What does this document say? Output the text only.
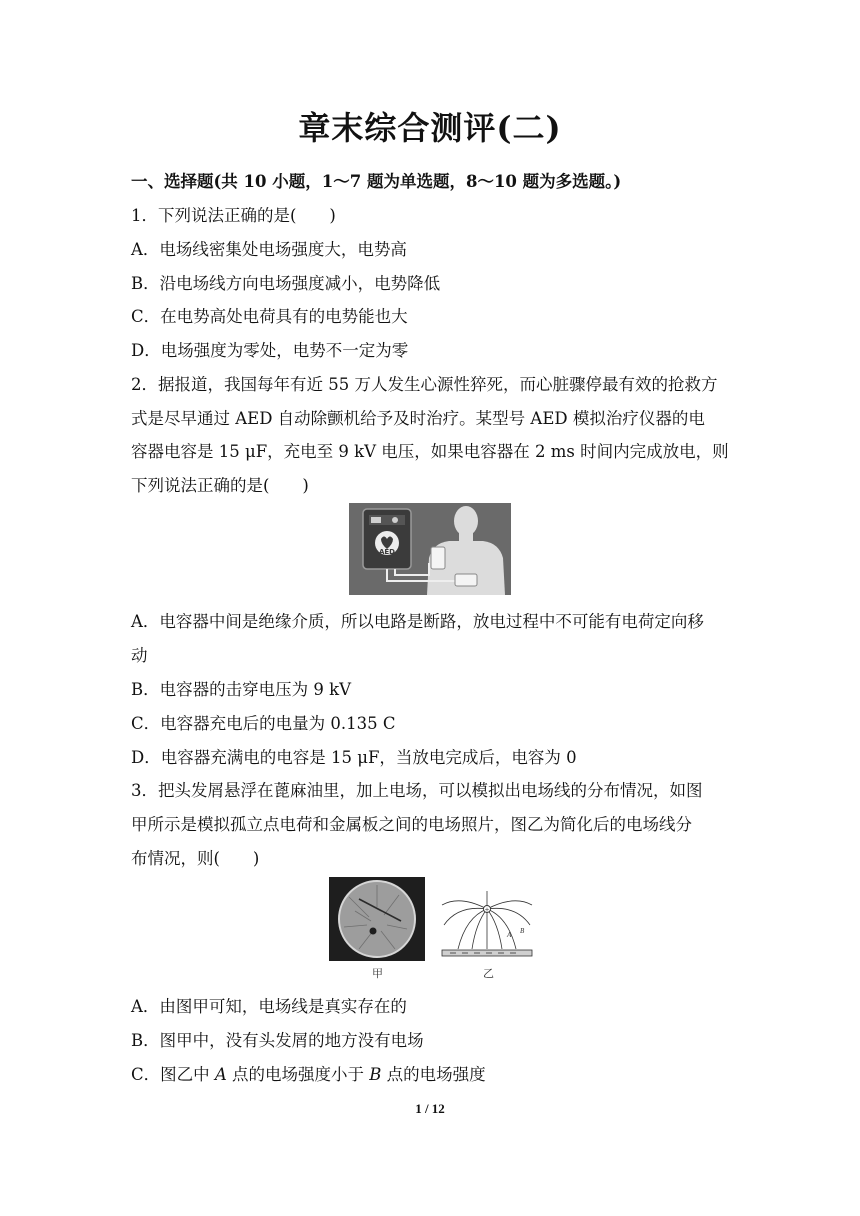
章末综合测评(二)
一、选择题(共 10 小题，1～7 题为单选题，8～10 题为多选题。)
1．下列说法正确的是(　　)
A．电场线密集处电场强度大，电势高
B．沿电场线方向电场强度减小，电势降低
C．在电势高处电荷具有的电势能也大
D．电场强度为零处，电势不一定为零
2．据报道，我国每年有近 55 万人发生心源性猝死，而心脏骤停最有效的抢救方
式是尽早通过 AED 自动除颤机给予及时治疗。某型号 AED 模拟治疗仪器的电
容器电容是 15 μF，充电至 9 kV 电压，如果电容器在 2 ms 时间内完成放电，则
下列说法正确的是(　　)
AED
A．电容器中间是绝缘介质，所以电路是断路，放电过程中不可能有电荷定向移
动
B．电容器的击穿电压为 9 kV
C．电容器充电后的电量为 0.135 C
D．电容器充满电的电容是 15 μF，当放电完成后，电容为 0
3．把头发屑悬浮在蓖麻油里，加上电场，可以模拟出电场线的分布情况，如图
甲所示是模拟孤立点电荷和金属板之间的电场照片，图乙为简化后的电场线分
布情况，则(　　)
甲
+
A B
乙
A．由图甲可知，电场线是真实存在的
B．图甲中，没有头发屑的地方没有电场
C．图乙中 A 点的电场强度小于 B 点的电场强度
1 / 12
